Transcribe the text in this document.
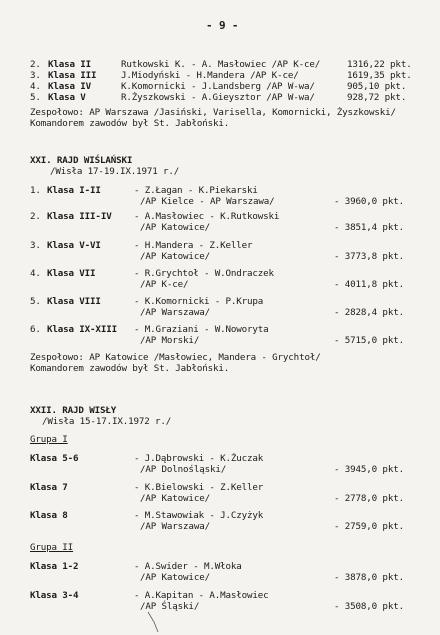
- 9 -
2. Klasa II	Rutkowski K. - A. Masłowiec /AP K-ce/	1316,22 pkt.
3. Klasa III	J.Miodyński - H.Mandera /AP K-ce/	1619,35 pkt.
4. Klasa IV	K.Komornicki - J.Landsberg /AP W-wa/	905,10 pkt.
5. Klasa V	R.Żyszkowski - A.Gieysztor /AP W-wa/	928,72 pkt.
Zespołowo: AP Warszawa /Jasiński, Varisella, Komornicki, Żyszkowski/
Komandorem zawodów był St. Jabłoński.
XXI. RAJD WIŚLAŃSKI
/Wisła 17-19.IX.1971 r./
1. Klasa I-II	- Z.Łagan - K.Piekarski
/AP Kielce - AP Warszawa/	- 3960,0 pkt.
2. Klasa III-IV - A.Masłowiec - K.Rutkowski
/AP Katowice/	- 3851,4 pkt.
3. Klasa V-VI	- H.Mandera - Z.Keller
/AP Katowice/	- 3773,8 pkt.
4. Klasa VII	- R.Grychtoł - W.Ondraczek
/AP K-ce/	- 4011,8 pkt.
5. Klasa VIII	- K.Komornicki - P.Krupa
/AP Warszawa/	- 2828,4 pkt.
6. Klasa IX-XIII - M.Graziani - W.Noworyta
/AP Morski/	- 5715,0 pkt.
Zespołowo: AP Katowice /Masłowiec, Mandera - Grychtoł/
Komandorem zawodów był St. Jabłoński.
XXII. RAJD WISŁY
/Wisła 15-17.IX.1972 r./
Grupa I
Klasa 5-6	- J.Dąbrowski - K.Żuczak
/AP Dolnośląski/	- 3945,0 pkt.
Klasa 7	- K.Bielowski - Z.Keller
/AP Katowice/	- 2778,0 pkt.
Klasa 8	- M.Stawowiak - J.Czyżyk
/AP Warszawa/	- 2759,0 pkt.
Grupa II
Klasa 1-2	- A.Swider - M.Włoka
/AP Katowice/	- 3878,0 pkt.
Klasa 3-4	- A.Kapitan - A.Masłowiec
/AP Śląski/	- 3508,0 pkt.
